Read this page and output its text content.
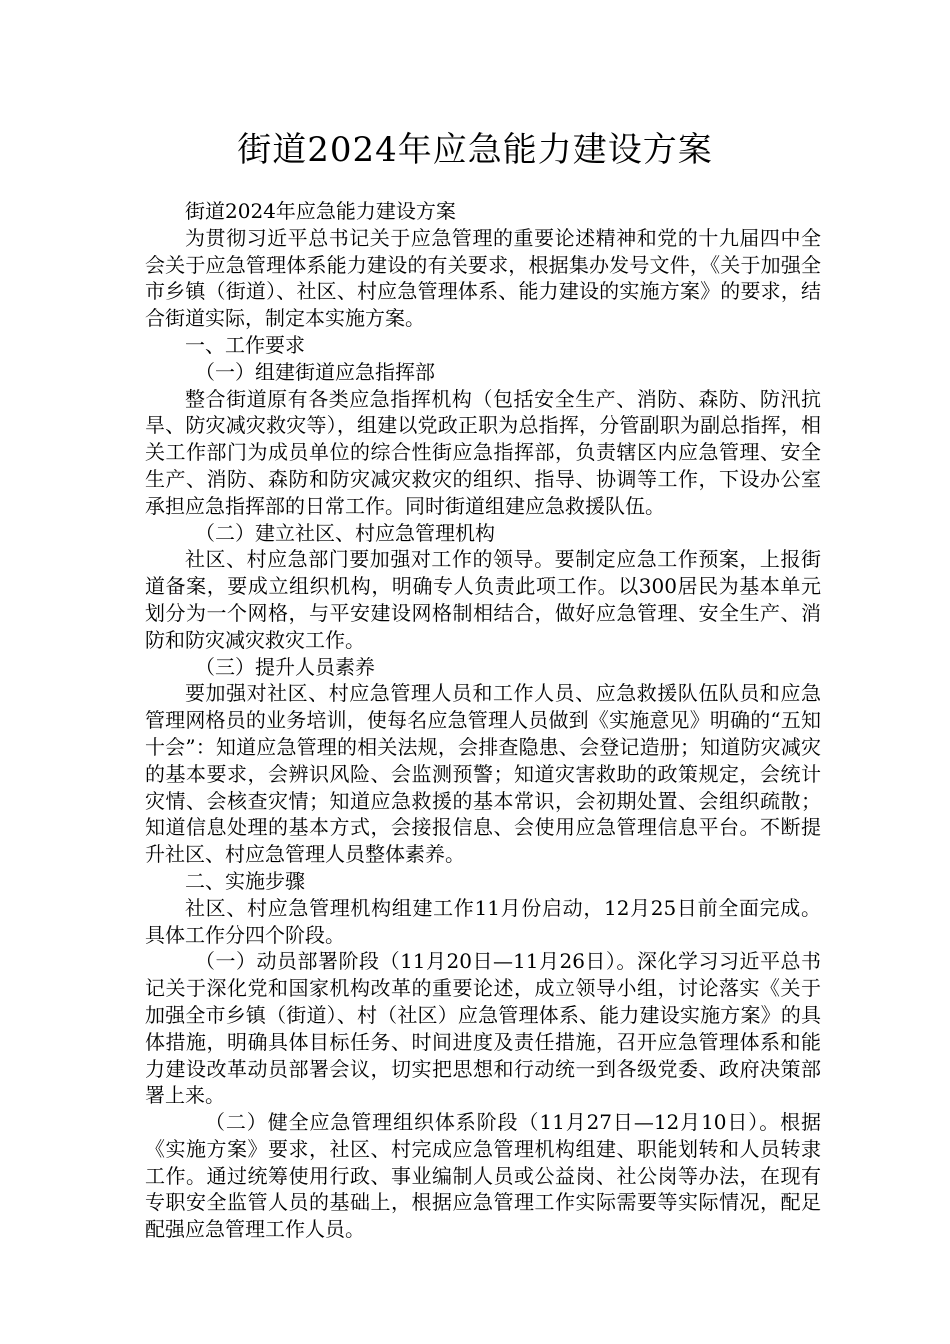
街道2024年应急能力建设方案

街道2024年应急能力建设方案

为贯彻习近平总书记关于应急管理的重要论述精神和党的十九届四中全会关于应急管理体系能力建设的有关要求，根据集办发号文件，《关于加强全市乡镇（街道）、社区、村应急管理体系、能力建设的实施方案》的要求，结合街道实际，制定本实施方案。

一、工作要求

（一）组建街道应急指挥部

整合街道原有各类应急指挥机构（包括安全生产、消防、森防、防汛抗旱、防灾减灾救灾等），组建以党政正职为总指挥，分管副职为副总指挥，相关工作部门为成员单位的综合性街应急指挥部，负责辖区内应急管理、安全生产、消防、森防和防灾减灾救灾的组织、指导、协调等工作，下设办公室承担应急指挥部的日常工作。同时街道组建应急救援队伍。

（二）建立社区、村应急管理机构

社区、村应急部门要加强对工作的领导。要制定应急工作预案，上报街道备案，要成立组织机构，明确专人负责此项工作。以300居民为基本单元划分为一个网格，与平安建设网格制相结合，做好应急管理、安全生产、消防和防灾减灾救灾工作。

（三）提升人员素养

要加强对社区、村应急管理人员和工作人员、应急救援队伍队员和应急管理网格员的业务培训，使每名应急管理人员做到《实施意见》明确的“五知十会”：知道应急管理的相关法规，会排查隐患、会登记造册；知道防灾减灾的基本要求，会辨识风险、会监测预警；知道灾害救助的政策规定，会统计灾情、会核查灾情；知道应急救援的基本常识，会初期处置、会组织疏散；知道信息处理的基本方式，会接报信息、会使用应急管理信息平台。不断提升社区、村应急管理人员整体素养。

二、实施步骤

社区、村应急管理机构组建工作11月份启动，12月25日前全面完成。具体工作分四个阶段。

（一）动员部署阶段（11月20日—11月26日）。深化学习习近平总书记关于深化党和国家机构改革的重要论述，成立领导小组，讨论落实《关于加强全市乡镇（街道）、村（社区）应急管理体系、能力建设实施方案》的具体措施，明确具体目标任务、时间进度及责任措施，召开应急管理体系和能力建设改革动员部署会议，切实把思想和行动统一到各级党委、政府决策部署上来。

（二）健全应急管理组织体系阶段（11月27日—12月10日）。根据《实施方案》要求，社区、村完成应急管理机构组建、职能划转和人员转隶工作。通过统筹使用行政、事业编制人员或公益岗、社公岗等办法，在现有专职安全监管人员的基础上，根据应急管理工作实际需要等实际情况，配足配强应急管理工作人员。
